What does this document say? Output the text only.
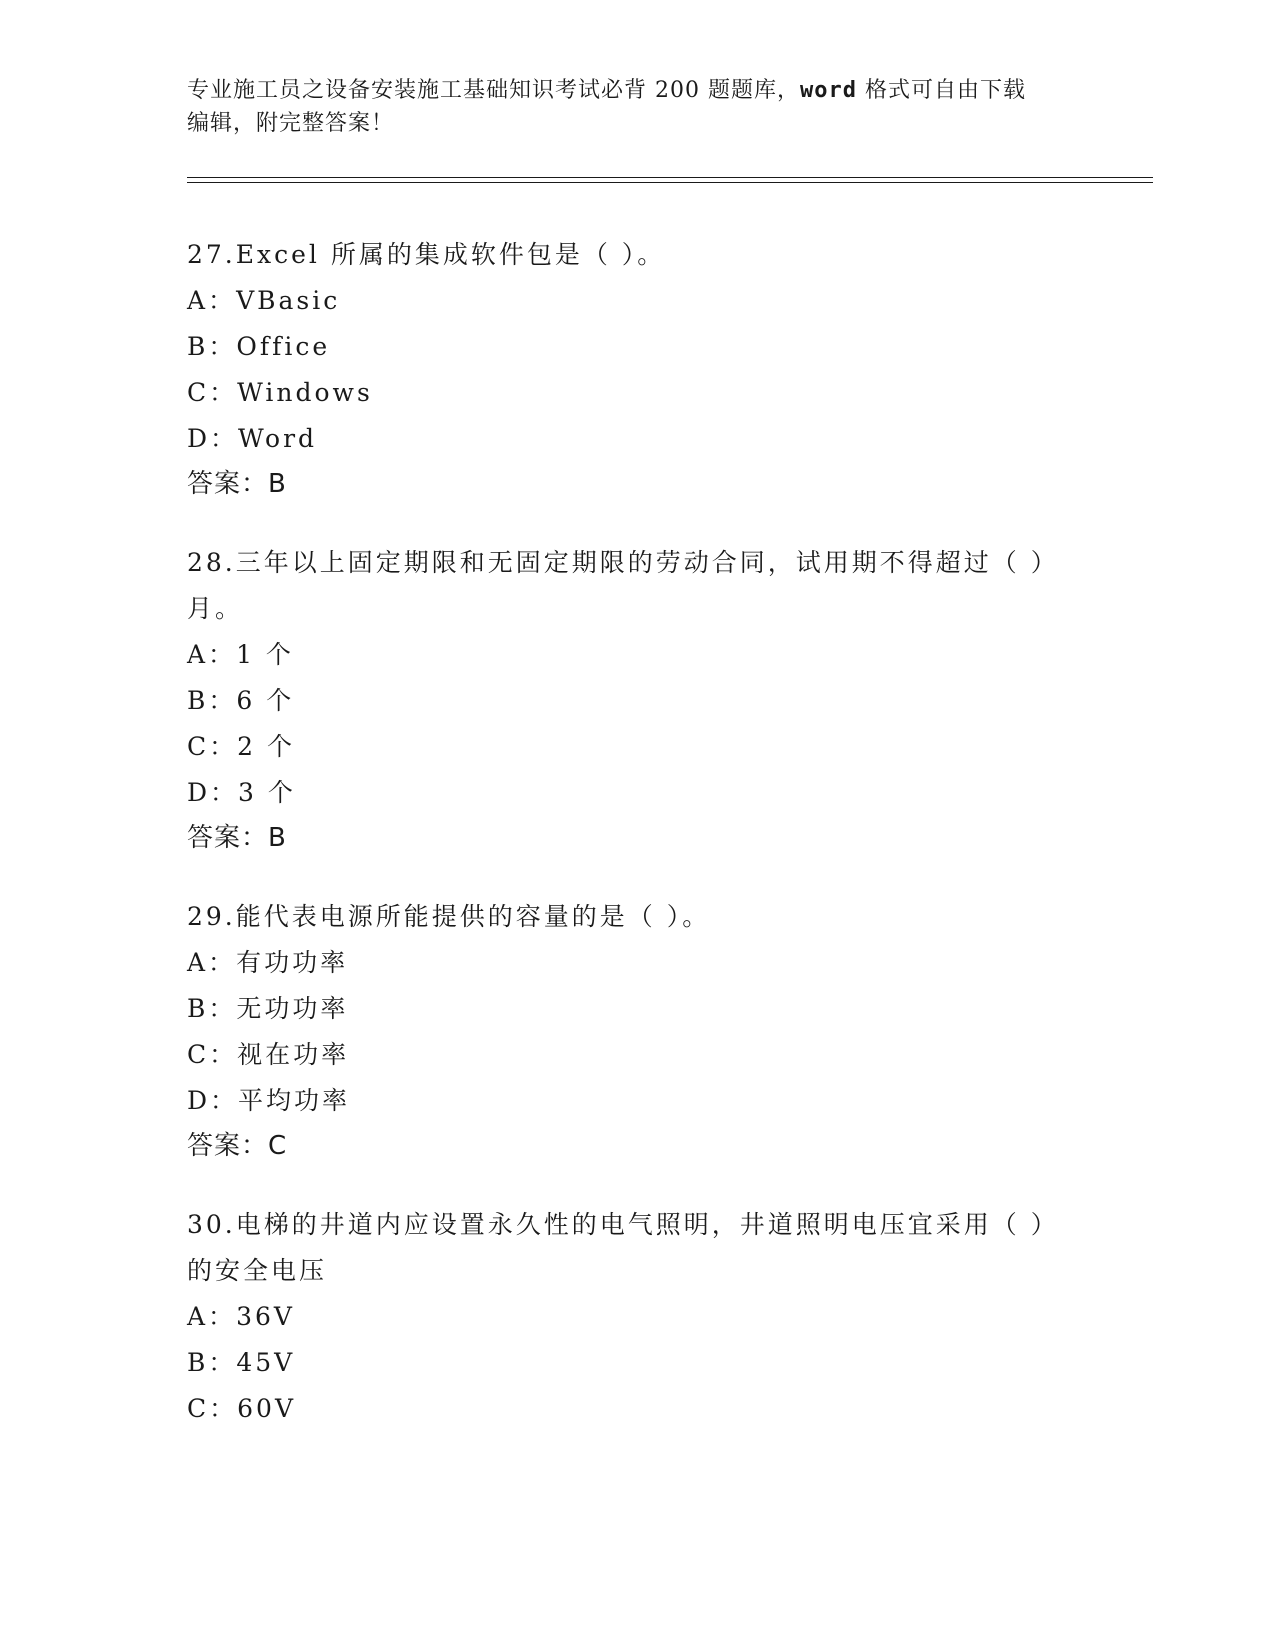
专业施工员之设备安装施工基础知识考试必背 200 题题库，word 格式可自由下载
编辑，附完整答案！
27.Excel 所属的集成软件包是（ ）。
A：VBasic
B：Office
C：Windows
D：Word
答案：B
28.三年以上固定期限和无固定期限的劳动合同，试用期不得超过（ ）月。
A：1 个
B：6 个
C：2 个
D：3 个
答案：B
29.能代表电源所能提供的容量的是（ ）。
A：有功功率
B：无功功率
C：视在功率
D：平均功率
答案：C
30.电梯的井道内应设置永久性的电气照明，井道照明电压宜采用（ ）的安全电压
A：36V
B：45V
C：60V
